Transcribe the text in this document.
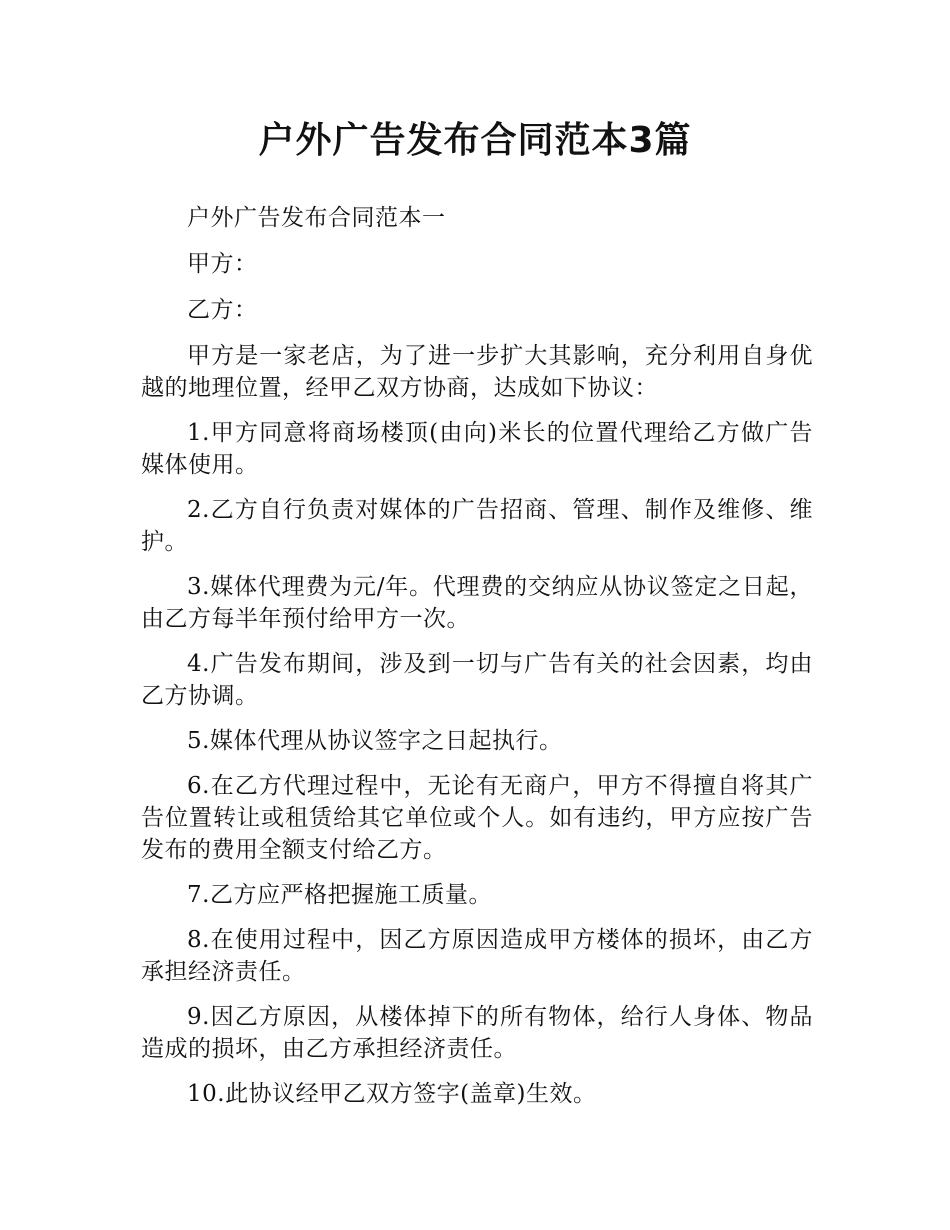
户外广告发布合同范本3篇

户外广告发布合同范本一

甲方：

乙方：

甲方是一家老店，为了进一步扩大其影响，充分利用自身优越的地理位置，经甲乙双方协商，达成如下协议：

1.甲方同意将商场楼顶(由向)米长的位置代理给乙方做广告媒体使用。

2.乙方自行负责对媒体的广告招商、管理、制作及维修、维护。

3.媒体代理费为元/年。代理费的交纳应从协议签定之日起，由乙方每半年预付给甲方一次。

4.广告发布期间，涉及到一切与广告有关的社会因素，均由乙方协调。

5.媒体代理从协议签字之日起执行。

6.在乙方代理过程中，无论有无商户，甲方不得擅自将其广告位置转让或租赁给其它单位或个人。如有违约，甲方应按广告发布的费用全额支付给乙方。

7.乙方应严格把握施工质量。

8.在使用过程中，因乙方原因造成甲方楼体的损坏，由乙方承担经济责任。

9.因乙方原因，从楼体掉下的所有物体，给行人身体、物品造成的损坏，由乙方承担经济责任。

10.此协议经甲乙双方签字(盖章)生效。
